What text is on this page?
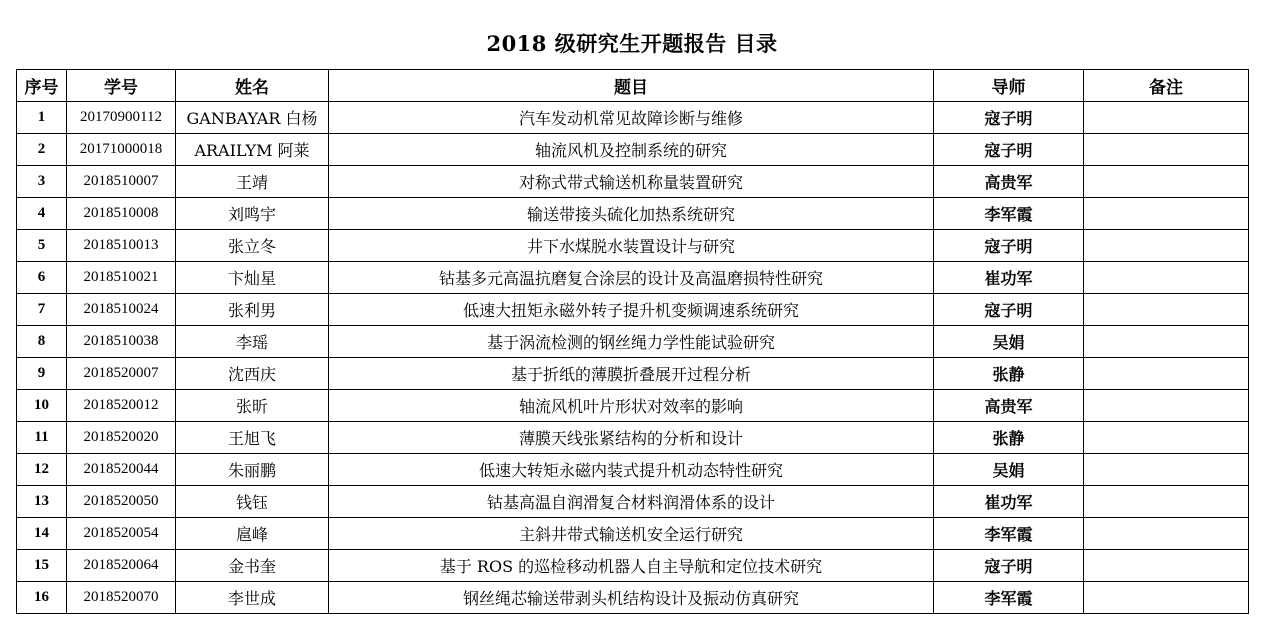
2018 级研究生开题报告 目录
序号	学号	姓名	题目	导师	备注
1	20170900112	GANBAYAR 白杨	汽车发动机常见故障诊断与维修	寇子明	
2	20171000018	ARAILYM 阿莱	轴流风机及控制系统的研究	寇子明	
3	2018510007	王靖	对称式带式输送机称量装置研究	高贵军	
4	2018510008	刘鸣宇	输送带接头硫化加热系统研究	李军霞	
5	2018510013	张立冬	井下水煤脱水装置设计与研究	寇子明	
6	2018510021	卞灿星	钴基多元高温抗磨复合涂层的设计及高温磨损特性研究	崔功军	
7	2018510024	张利男	低速大扭矩永磁外转子提升机变频调速系统研究	寇子明	
8	2018510038	李瑶	基于涡流检测的钢丝绳力学性能试验研究	吴娟	
9	2018520007	沈西庆	基于折纸的薄膜折叠展开过程分析	张静	
10	2018520012	张昕	轴流风机叶片形状对效率的影响	高贵军	
11	2018520020	王旭飞	薄膜天线张紧结构的分析和设计	张静	
12	2018520044	朱丽鹏	低速大转矩永磁内装式提升机动态特性研究	吴娟	
13	2018520050	钱钰	钴基高温自润滑复合材料润滑体系的设计	崔功军	
14	2018520054	扈峰	主斜井带式输送机安全运行研究	李军霞	
15	2018520064	金书奎	基于 ROS 的巡检移动机器人自主导航和定位技术研究	寇子明	
16	2018520070	李世成	钢丝绳芯输送带剥头机结构设计及振动仿真研究	李军霞	
